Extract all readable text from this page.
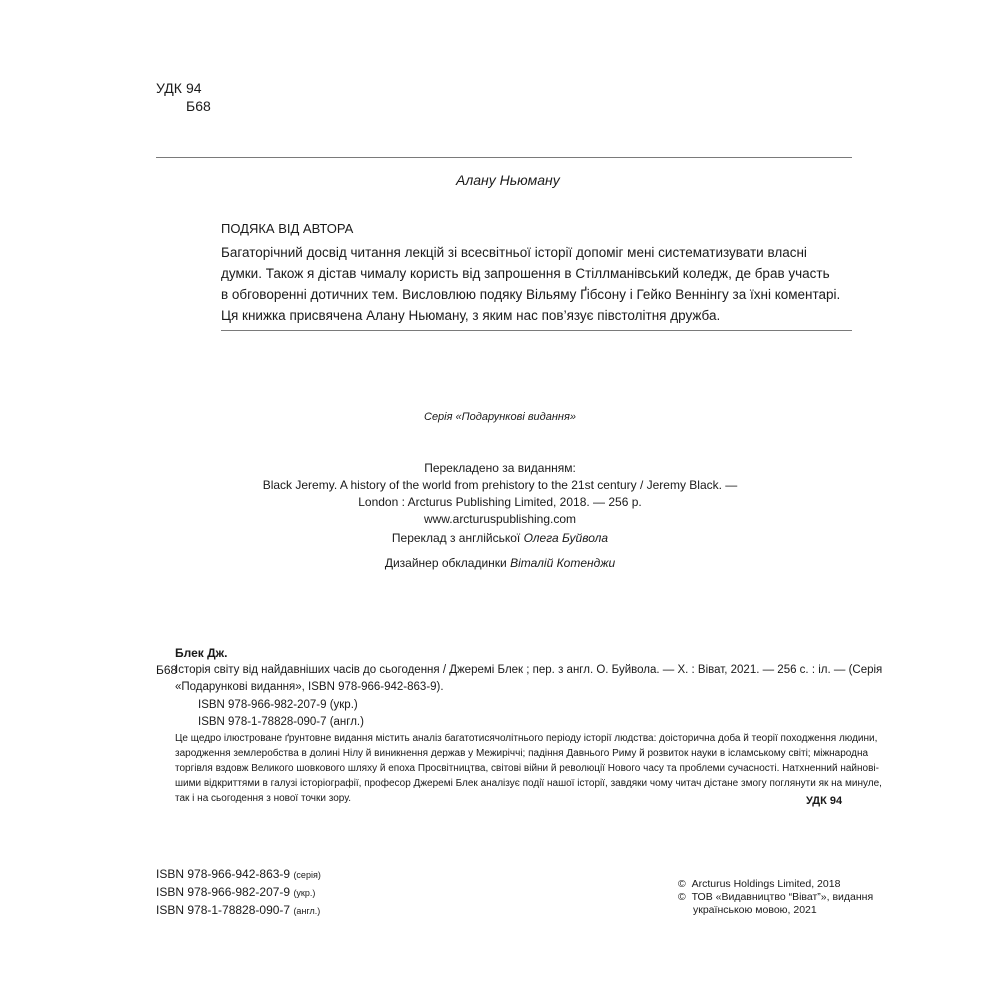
УДК 94
Б68
Алану Ньюману
ПОДЯКА ВІД АВТОРА
Багаторічний досвід читання лекцій зі всесвітньої історії допоміг мені систематизувати власні
думки. Також я дістав чималу користь від запрошення в Стіллманівський коледж, де брав участь
в обговоренні дотичних тем. Висловлюю подяку Вільяму Ґібсону і Гейко Веннінгу за їхні коментарі.
Ця книжка присвячена Алану Ньюману, з яким нас пов’язує півстолітня дружба.
Серія «Подарункові видання»
Перекладено за виданням:
Black Jeremy. A history of the world from prehistory to the 21st century / Jeremy Black. —
London : Arcturus Publishing Limited, 2018. — 256 p.
www.arcturuspublishing.com
Переклад з англійської Олега Буйвола
Дизайнер обкладинки Віталій Котенджи
Блек Дж.
Б68
Історія світу від найдавніших часів до сьогодення / Джеремі Блек ; пер. з англ. О. Буйвола. — Х. : Віват, 2021. — 256 с. : іл. — (Серія
«Подарункові видання», ISBN 978-966-942-863-9).
ISBN 978-966-982-207-9 (укр.)
ISBN 978-1-78828-090-7 (англ.)
Це щедро ілюстроване ґрунтовне видання містить аналіз багатотисячолітнього періоду історії людства: доісторична доба й теорії походження людини,
зародження землеробства в долині Нілу й виникнення держав у Межиріччі; падіння Давнього Риму й розвиток науки в ісламському світі; міжнародна
торгівля вздовж Великого шовкового шляху й епоха Просвітництва, світові війни й революції Нового часу та проблеми сучасності. Натхненний найнові-
шими відкриттями в галузі історіографії, професор Джеремі Блек аналізує події нашої історії, завдяки чому читач дістане змогу поглянути як на минуле,
так і на сьогодення з нової точки зору.	УДК 94
ISBN 978-966-942-863-9 (серія)
ISBN 978-966-982-207-9 (укр.)
ISBN 978-1-78828-090-7 (англ.)
© Arcturus Holdings Limited, 2018
© ТОВ «Видавництво “Віват”», видання
українською мовою, 2021
